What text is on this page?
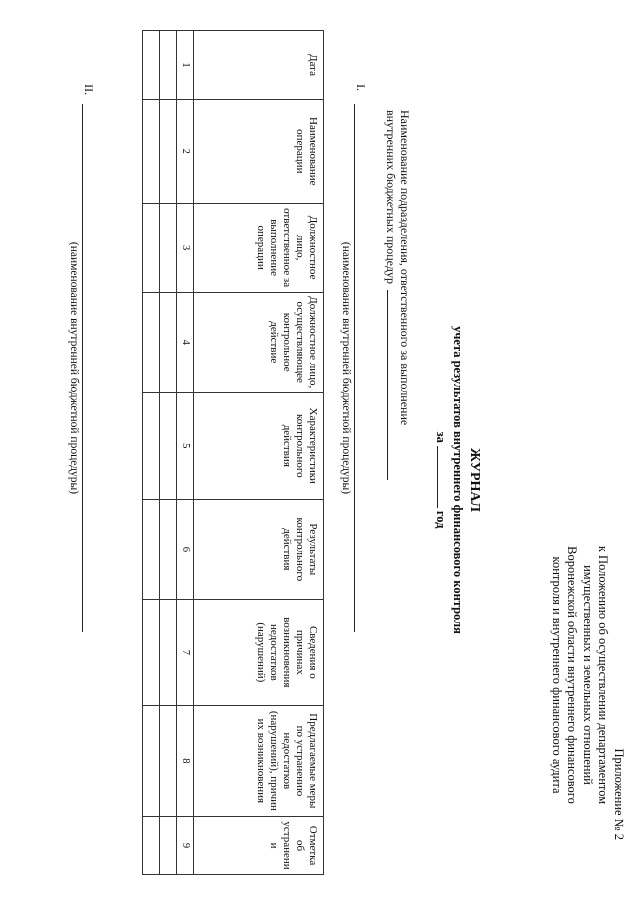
Приложение № 2
к Положению об осуществлении департаментом
имущественных и земельных отношений
Воронежской области внутреннего финансового
контроля и внутреннего финансового аудита
ЖУРНАЛ
учета результатов внутреннего финансового контроля
загод
Наименование подразделения, ответственного за выполнение
внутренних бюджетных процедур
I.
(наименование внутренней бюджетной процедуры)
Дата	Наименование операции	Должностное лицо, ответственное за выполнение операции	Должностное лицо, осуществляющее контрольное действие	Характеристики контрольного действия	Результаты контрольного действия	Сведения о причинах возникновения недостатков (нарушений)	Предлагаемые меры по устранению недостатков (нарушений), причин их возникновения	Отметка об устранении
1	2	3	4	5	6	7	8	9

II.
(наименование внутренней бюджетной процедуры)
